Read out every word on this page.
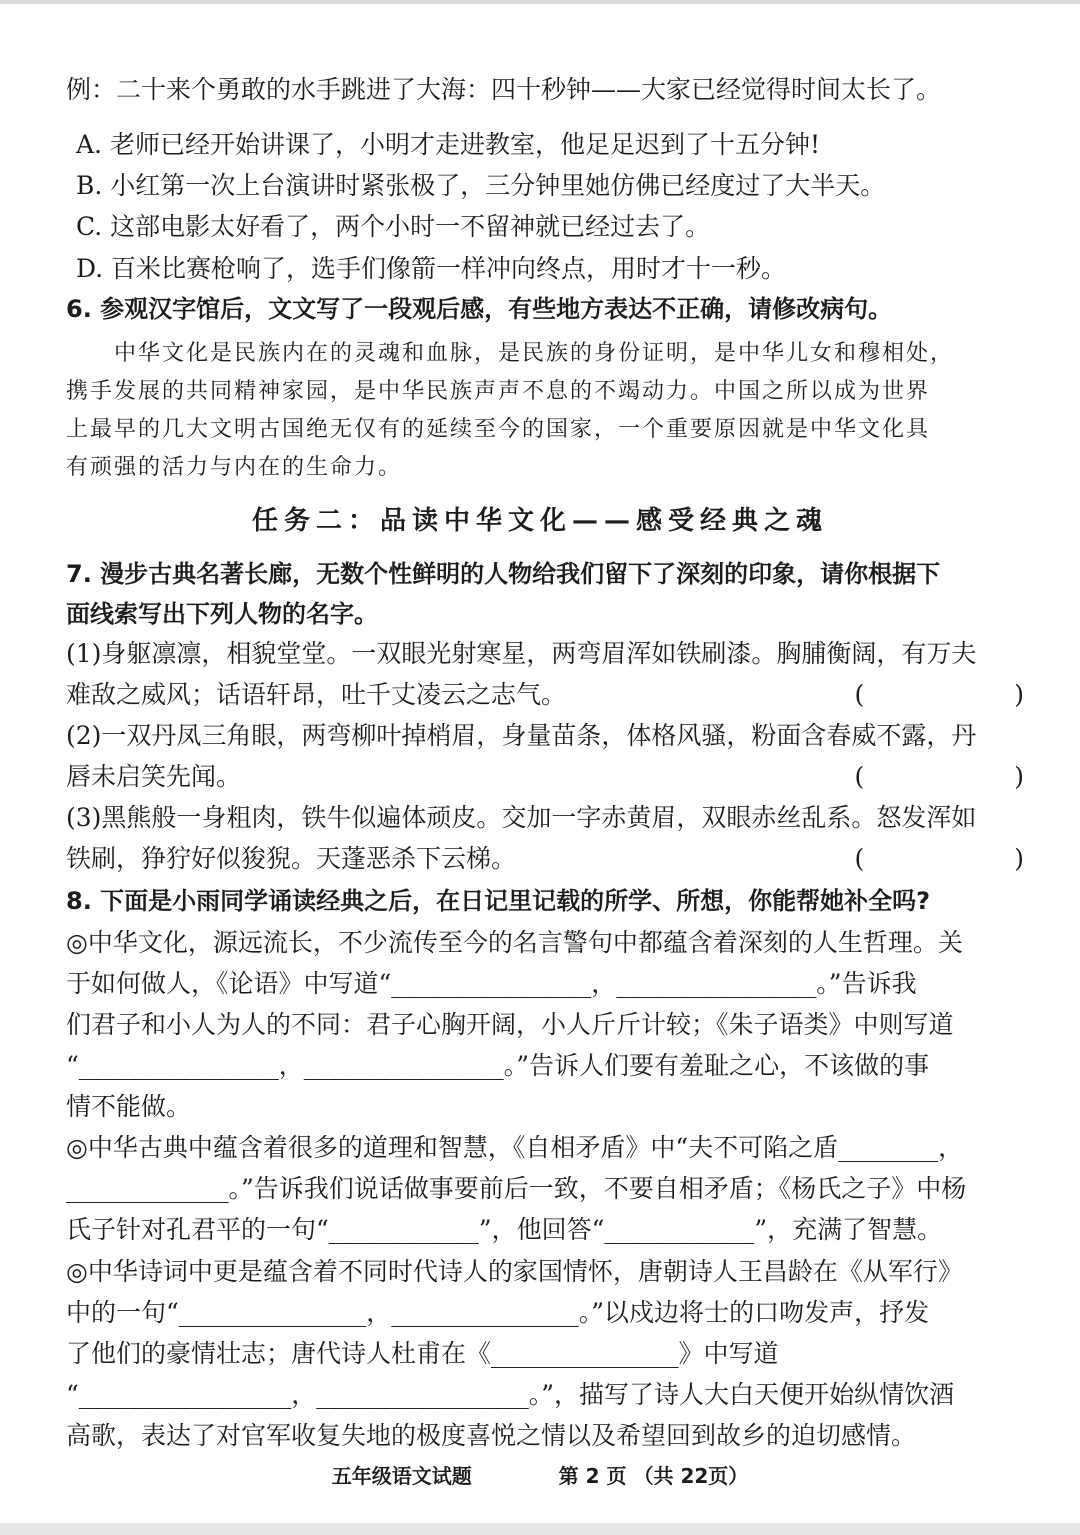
例：二十来个勇敢的水手跳进了大海：四十秒钟——大家已经觉得时间太长了。
A. 老师已经开始讲课了，小明才走进教室，他足足迟到了十五分钟!
B. 小红第一次上台演讲时紧张极了，三分钟里她仿佛已经度过了大半天。
C. 这部电影太好看了，两个小时一不留神就已经过去了。
D. 百米比赛枪响了，选手们像箭一样冲向终点，用时才十一秒。
6. 参观汉字馆后，文文写了一段观后感，有些地方表达不正确，请修改病句。
　　中华文化是民族内在的灵魂和血脉，是民族的身份证明，是中华儿女和穆相处，
携手发展的共同精神家园，是中华民族声声不息的不竭动力。中国之所以成为世界
上最早的几大文明古国绝无仅有的延续至今的国家，一个重要原因就是中华文化具
有顽强的活力与内在的生命力。
任务二：品读中华文化——感受经典之魂
7. 漫步古典名著长廊，无数个性鲜明的人物给我们留下了深刻的印象，请你根据下
面线索写出下列人物的名字。
(1)身躯凛凛，相貌堂堂。一双眼光射寒星，两弯眉浑如铁刷漆。胸脯衡阔，有万夫
难敌之威风；话语轩昂，吐千丈凌云之志气。	(	)
(2)一双丹凤三角眼，两弯柳叶掉梢眉，身量苗条，体格风骚，粉面含春威不露，丹
唇未启笑先闻。	(	)
(3)黑熊般一身粗肉，铁牛似遍体顽皮。交加一字赤黄眉，双眼赤丝乱系。怒发浑如
铁刷，狰狞好似狻猊。天蓬恶杀下云梯。	(	)
8. 下面是小雨同学诵读经典之后，在日记里记载的所学、所想，你能帮她补全吗?
◎中华文化，源远流长，不少流传至今的名言警句中都蕴含着深刻的人生哲理。关
于如何做人，《论语》中写道“________________，________________。”告诉我
们君子和小人为人的不同：君子心胸开阔，小人斤斤计较；《朱子语类》中则写道
“________________，________________。”告诉人们要有羞耻之心，不该做的事
情不能做。
◎中华古典中蕴含着很多的道理和智慧，《自相矛盾》中“夫不可陷之盾________，
_____________。”告诉我们说话做事要前后一致，不要自相矛盾；《杨氏之子》中杨
氏子针对孔君平的一句“____________”，他回答“____________”，充满了智慧。
◎中华诗词中更是蕴含着不同时代诗人的家国情怀，唐朝诗人王昌龄在《从军行》
中的一句“_______________，_______________。”以戍边将士的口吻发声，抒发
了他们的豪情壮志；唐代诗人杜甫在《_______________》中写道
“_________________，_________________。”，描写了诗人大白天便开始纵情饮酒
高歌，表达了对官军收复失地的极度喜悦之情以及希望回到故乡的迫切感情。
五年级语文试题	第 2 页 （共 22页）
